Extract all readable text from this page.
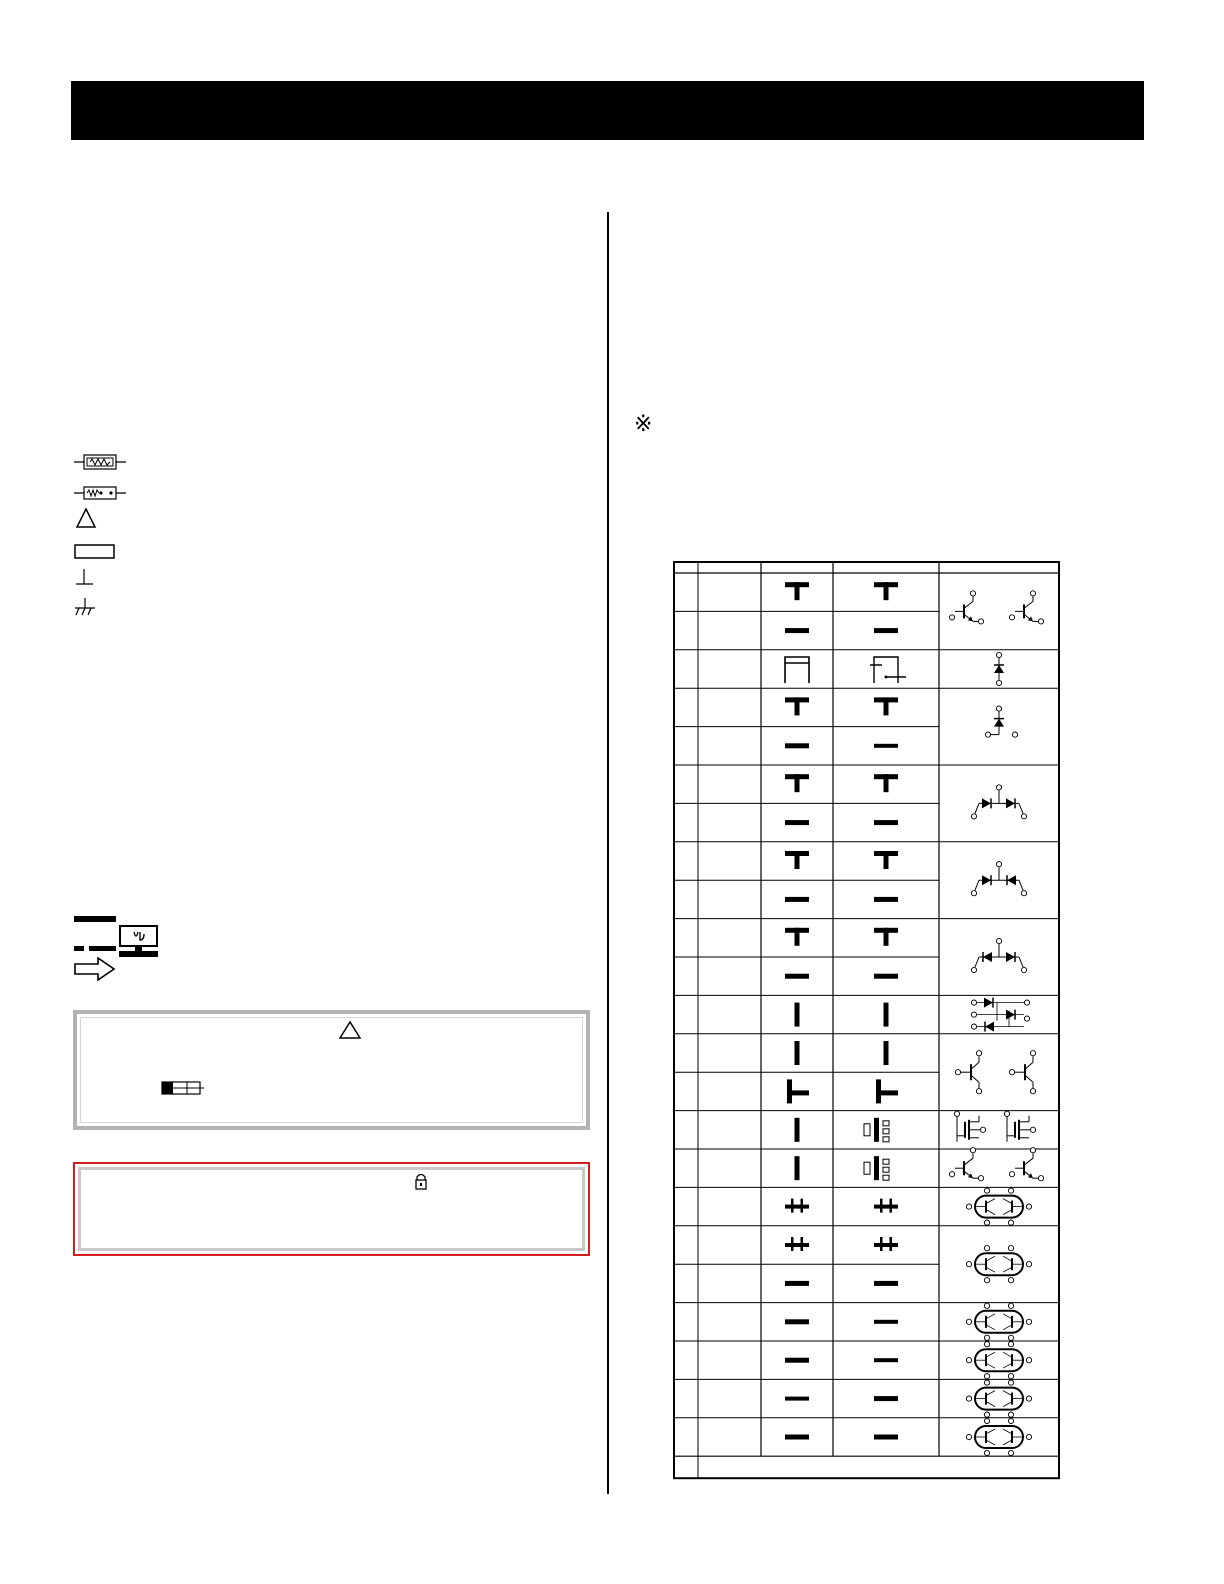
※
